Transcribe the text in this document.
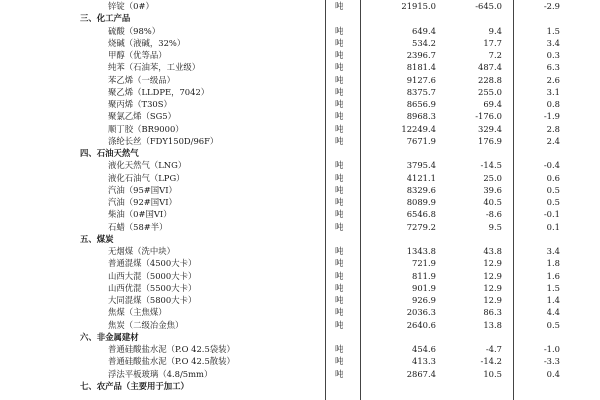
锌锭（0#）	吨	21915.0	-645.0	-2.9
三、化工产品
硫酸（98%）	吨	649.4	9.4	1.5
烧碱（液碱，32%）	吨	534.2	17.7	3.4
甲醇（优等品）	吨	2396.7	7.2	0.3
纯苯（石油苯，工业级）	吨	8181.4	487.4	6.3
苯乙烯（一级品）	吨	9127.6	228.8	2.6
聚乙烯（LLDPE，7042）	吨	8375.7	255.0	3.1
聚丙烯（T30S）	吨	8656.9	69.4	0.8
聚氯乙烯（SG5）	吨	8968.3	-176.0	-1.9
顺丁胶（BR9000）	吨	12249.4	329.4	2.8
涤纶长丝（FDY150D/96F）	吨	7671.9	176.9	2.4
四、石油天然气
液化天然气（LNG）	吨	3795.4	-14.5	-0.4
液化石油气（LPG）	吨	4121.1	25.0	0.6
汽油（95#国VI）	吨	8329.6	39.6	0.5
汽油（92#国VI）	吨	8089.9	40.5	0.5
柴油（0#国VI）	吨	6546.8	-8.6	-0.1
石蜡（58#半）	吨	7279.2	9.5	0.1
五、煤炭
无烟煤（洗中块）	吨	1343.8	43.8	3.4
普通混煤（4500大卡）	吨	721.9	12.9	1.8
山西大混（5000大卡）	吨	811.9	12.9	1.6
山西优混（5500大卡）	吨	901.9	12.9	1.5
大同混煤（5800大卡）	吨	926.9	12.9	1.4
焦煤（主焦煤）	吨	2036.3	86.3	4.4
焦炭（二级冶金焦）	吨	2640.6	13.8	0.5
六、非金属建材
普通硅酸盐水泥（P.O 42.5袋装）	吨	454.6	-4.7	-1.0
普通硅酸盐水泥（P.O 42.5散装）	吨	413.3	-14.2	-3.3
浮法平板玻璃（4.8/5mm）	吨	2867.4	10.5	0.4
七、农产品（主要用于加工）
